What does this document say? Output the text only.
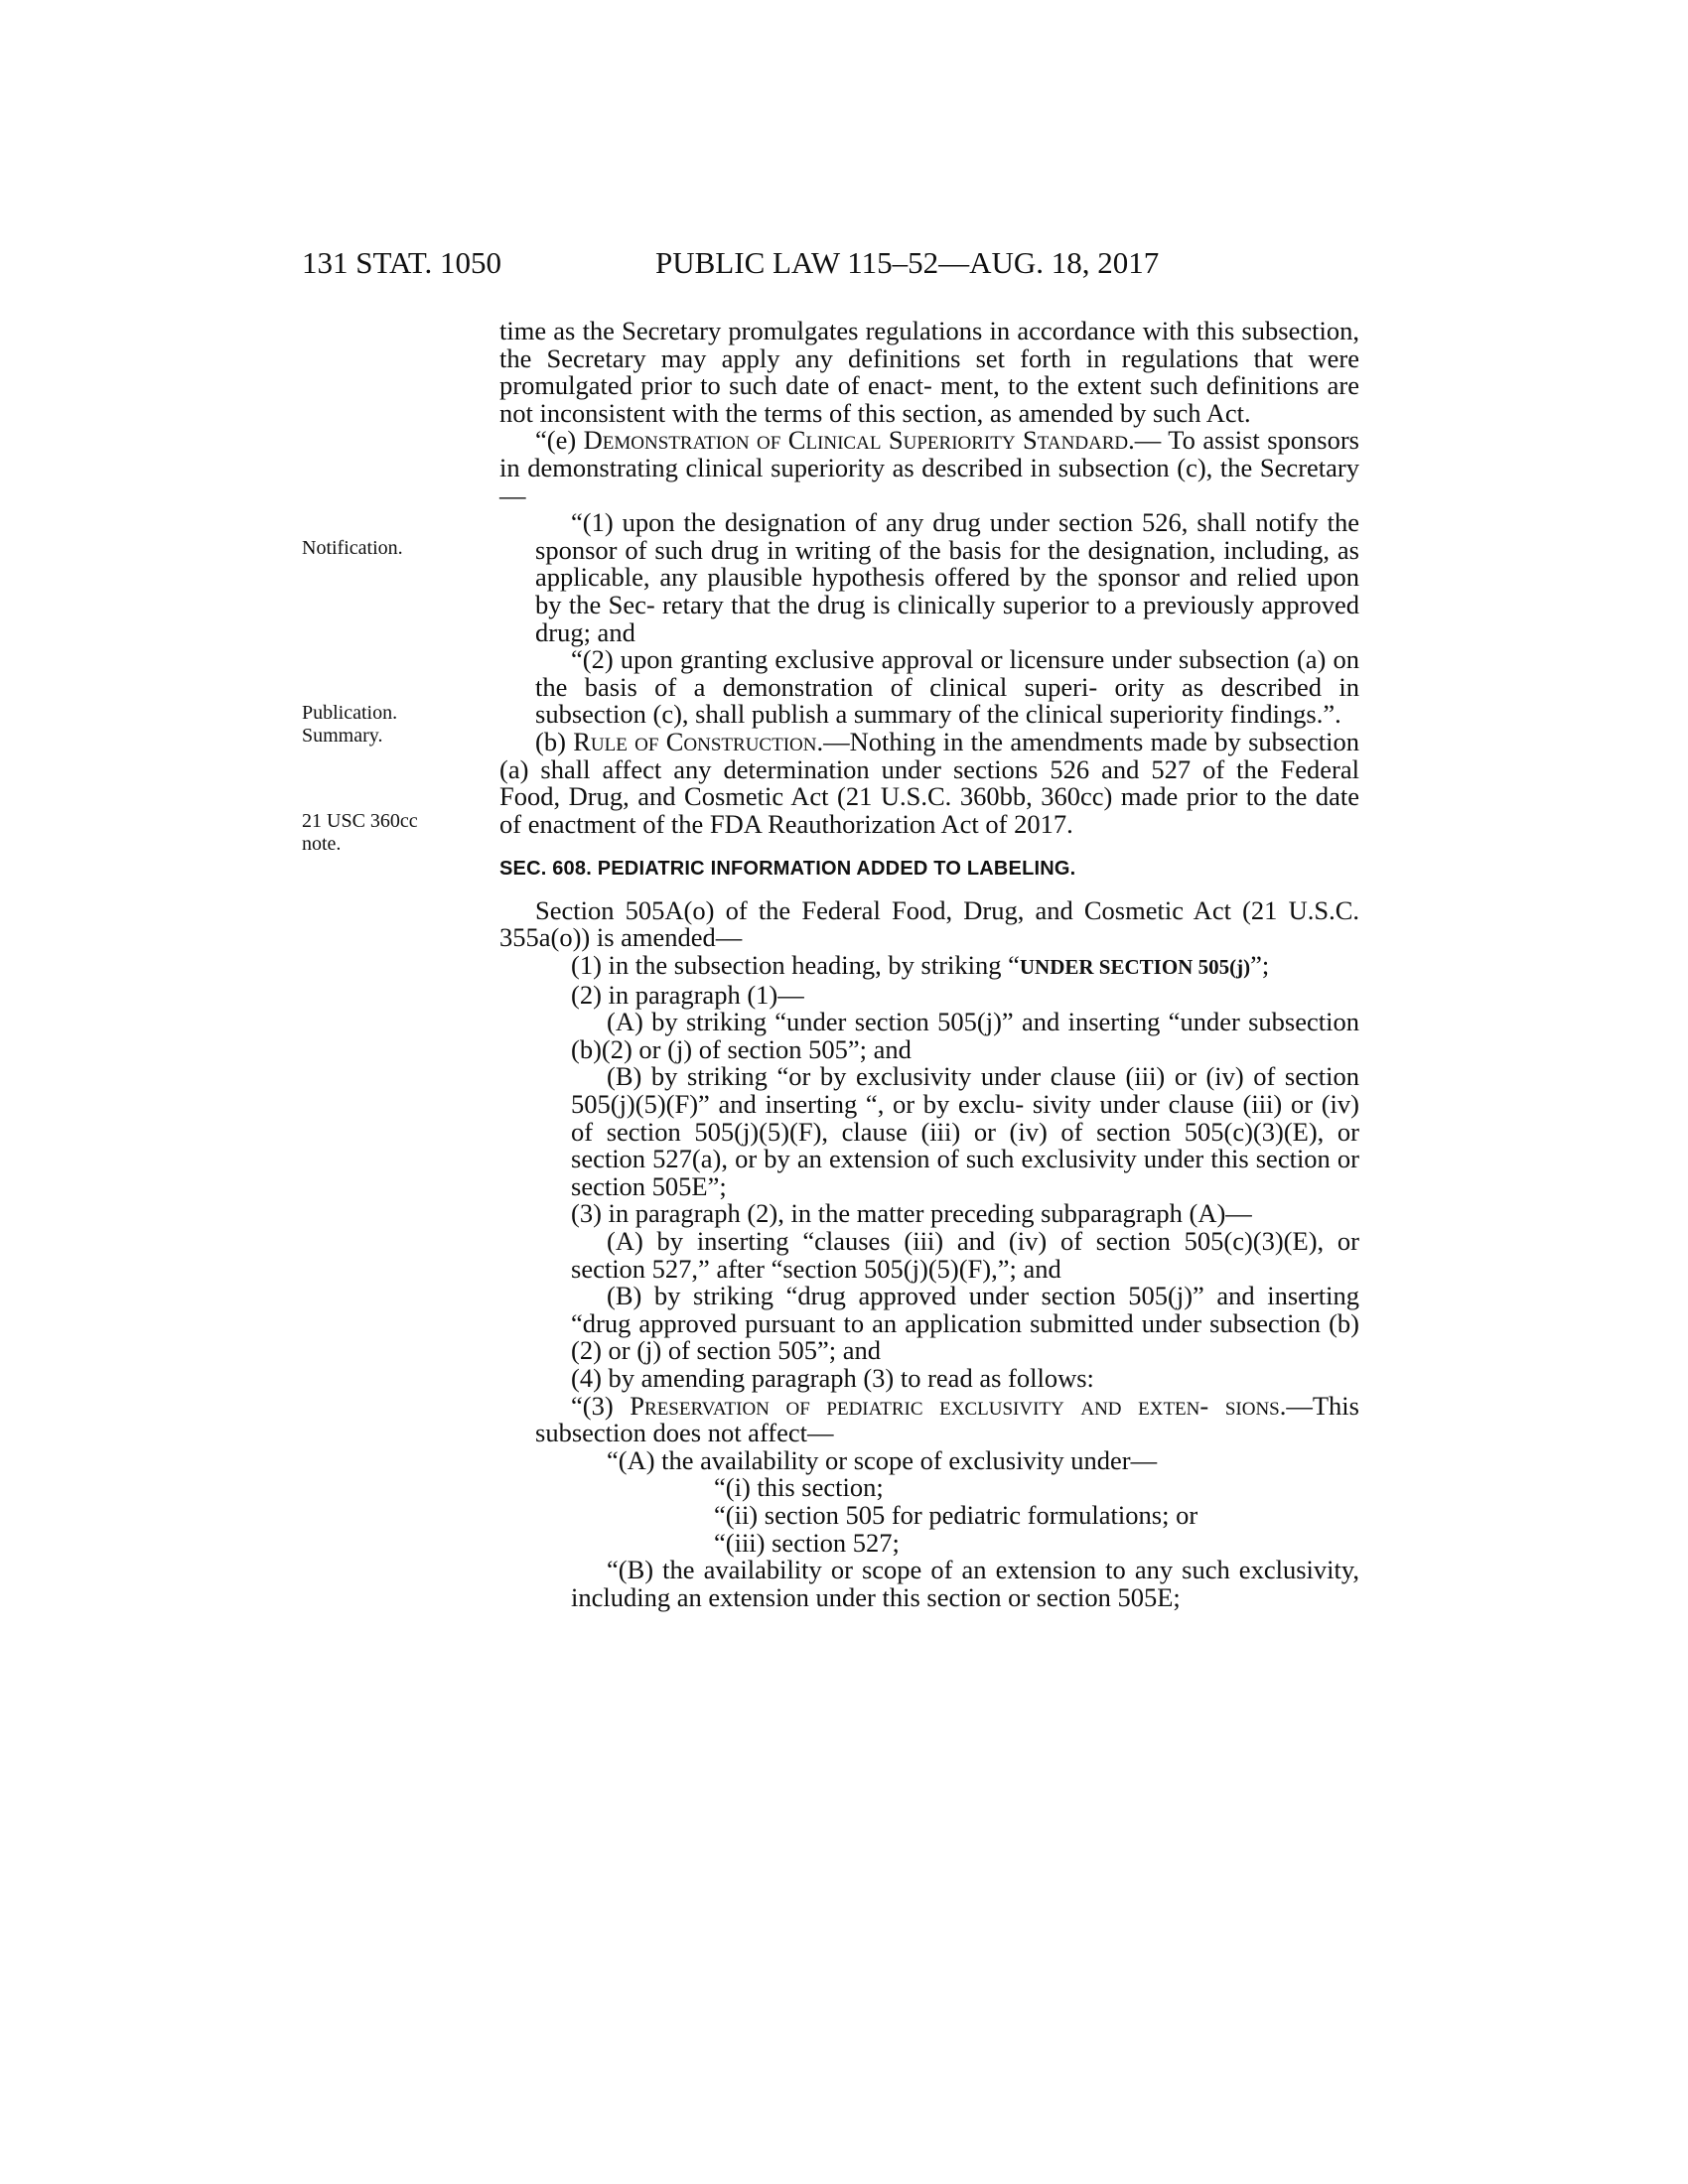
131 STAT. 1050	PUBLIC LAW 115–52—AUG. 18, 2017
Notification.
Publication.
Summary.
21 USC 360cc
note.

time as the Secretary promulgates regulations in accordance with this subsection, the Secretary may apply any definitions set forth in regulations that were promulgated prior to such date of enact- ment, to the extent such definitions are not inconsistent with the terms of this section, as amended by such Act.

“(e) Demonstration of Clinical Superiority Standard.— To assist sponsors in demonstrating clinical superiority as described in subsection (c), the Secretary—

“(1) upon the designation of any drug under section 526, shall notify the sponsor of such drug in writing of the basis for the designation, including, as applicable, any plausible hypothesis offered by the sponsor and relied upon by the Sec- retary that the drug is clinically superior to a previously approved drug; and

“(2) upon granting exclusive approval or licensure under subsection (a) on the basis of a demonstration of clinical superi- ority as described in subsection (c), shall publish a summary of the clinical superiority findings.”.

(b) Rule of Construction.—Nothing in the amendments made by subsection (a) shall affect any determination under sections 526 and 527 of the Federal Food, Drug, and Cosmetic Act (21 U.S.C. 360bb, 360cc) made prior to the date of enactment of the FDA Reauthorization Act of 2017.

SEC. 608. PEDIATRIC INFORMATION ADDED TO LABELING.

Section 505A(o) of the Federal Food, Drug, and Cosmetic Act (21 U.S.C. 355a(o)) is amended—

(1) in the subsection heading, by striking “UNDER SECTION 505(j)”;

(2) in paragraph (1)—

(A) by striking “under section 505(j)” and inserting “under subsection (b)(2) or (j) of section 505”; and

(B) by striking “or by exclusivity under clause (iii) or (iv) of section 505(j)(5)(F)” and inserting “, or by exclu- sivity under clause (iii) or (iv) of section 505(j)(5)(F), clause (iii) or (iv) of section 505(c)(3)(E), or section 527(a), or by an extension of such exclusivity under this section or section 505E”;

(3) in paragraph (2), in the matter preceding subparagraph (A)—

(A) by inserting “clauses (iii) and (iv) of section 505(c)(3)(E), or section 527,” after “section 505(j)(5)(F),”; and

(B) by striking “drug approved under section 505(j)” and inserting “drug approved pursuant to an application submitted under subsection (b)(2) or (j) of section 505”; and

(4) by amending paragraph (3) to read as follows:

“(3) Preservation of pediatric exclusivity and exten- sions.—This subsection does not affect—

“(A) the availability or scope of exclusivity under—

“(i) this section;

“(ii) section 505 for pediatric formulations; or

“(iii) section 527;

“(B) the availability or scope of an extension to any such exclusivity, including an extension under this section or section 505E;
